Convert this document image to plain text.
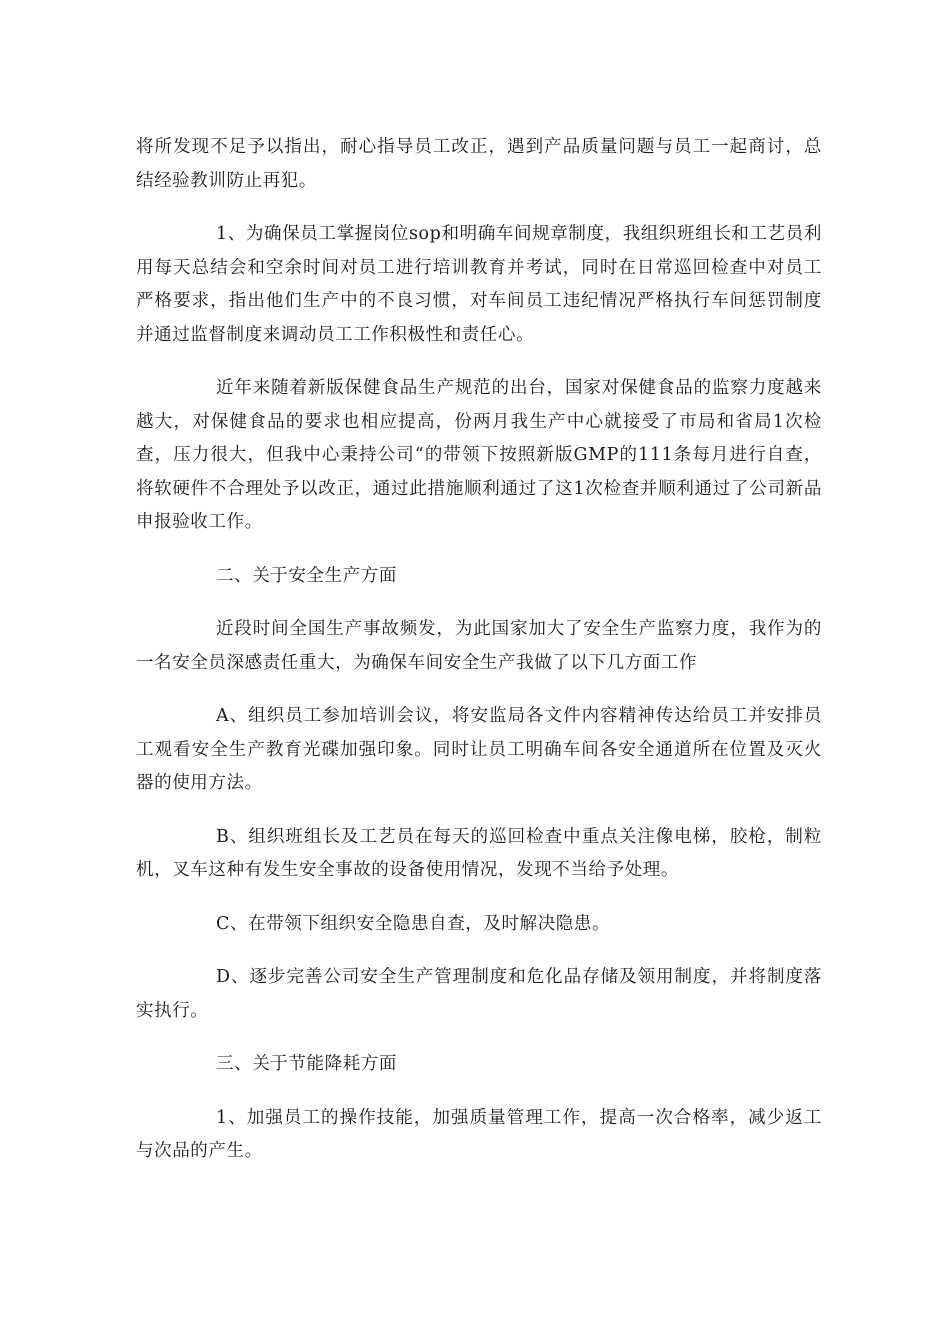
将所发现不足予以指出，耐心指导员工改正，遇到产品质量问题与员工一起商讨，总结经验教训防止再犯。

1、为确保员工掌握岗位sop和明确车间规章制度，我组织班组长和工艺员利用每天总结会和空余时间对员工进行培训教育并考试，同时在日常巡回检查中对员工严格要求，指出他们生产中的不良习惯，对车间员工违纪情况严格执行车间惩罚制度并通过监督制度来调动员工工作积极性和责任心。

近年来随着新版保健食品生产规范的出台，国家对保健食品的监察力度越来越大，对保健食品的要求也相应提高，份两月我生产中心就接受了市局和省局1次检查，压力很大，但我中心秉持公司“的带领下按照新版GMP的111条每月进行自查，将软硬件不合理处予以改正，通过此措施顺利通过了这1次检查并顺利通过了公司新品申报验收工作。

二、关于安全生产方面

近段时间全国生产事故频发，为此国家加大了安全生产监察力度，我作为的一名安全员深感责任重大，为确保车间安全生产我做了以下几方面工作

A、组织员工参加培训会议，将安监局各文件内容精神传达给员工并安排员工观看安全生产教育光碟加强印象。同时让员工明确车间各安全通道所在位置及灭火器的使用方法。

B、组织班组长及工艺员在每天的巡回检查中重点关注像电梯，胶枪，制粒机，叉车这种有发生安全事故的设备使用情况，发现不当给予处理。

C、在带领下组织安全隐患自查，及时解决隐患。

D、逐步完善公司安全生产管理制度和危化品存储及领用制度，并将制度落实执行。

三、关于节能降耗方面

1、加强员工的操作技能，加强质量管理工作，提高一次合格率，减少返工与次品的产生。
